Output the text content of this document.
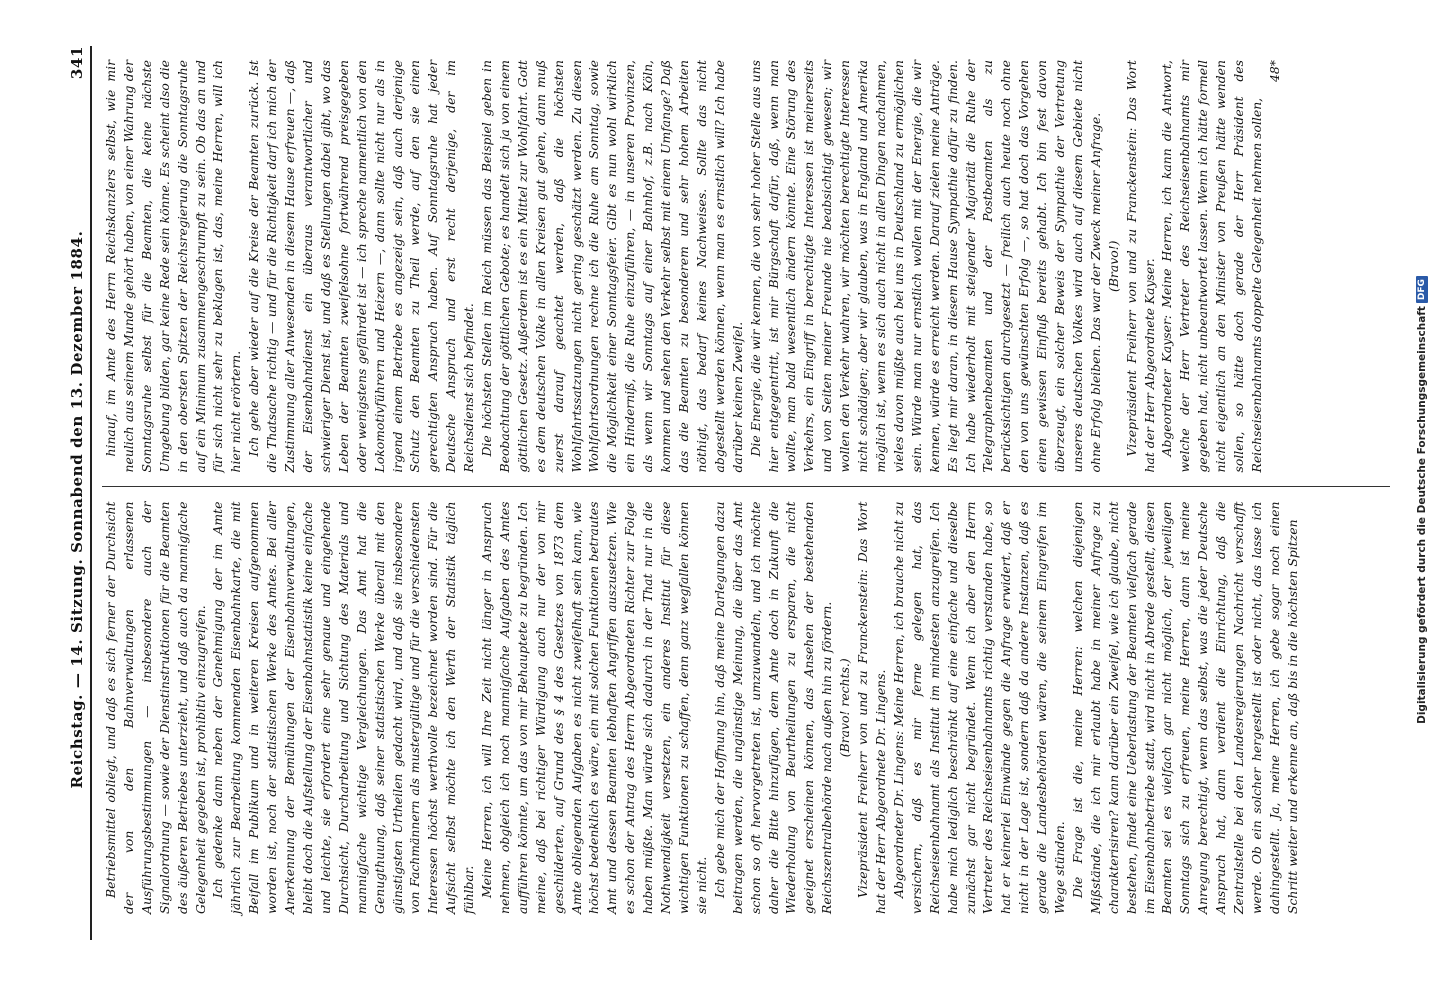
Reichstag. — 14. Sitzung. Sonnabend den 13. Dezember 1884.
341

Betriebsmittel obliegt, und daß es sich ferner der Durchsicht der von den Bahnverwaltungen erlassenen Ausführungsbestimmungen — insbesondere auch der Signalordnung — sowie der Dienstinstruktionen für die Beamten des äußeren Betriebes unterzieht, und daß auch da mannigfache Gelegenheit gegeben ist, prohibitiv einzugreifen. Ich gedenke dann neben der Genehmigung der im Amte jährlich zur Bearbeitung kommenden Eisenbahnkarte, die mit Beifall im Publikum und in weiteren Kreisen aufgenommen worden ist, noch der statistischen Werke des Amtes. Bei aller Anerkennung der Bemühungen der Eisenbahnverwaltungen, bleibt doch die Aufstellung der Eisenbahnstatistik keine einfache und leichte, sie erfordert eine sehr genaue und eingehende Durchsicht, Durcharbeitung und Sichtung des Materials und mannigfache wichtige Vergleichungen. Das Amt hat die Genugthuung, daß seiner statistischen Werke überall mit den günstigsten Urtheilen gedacht wird, und daß sie insbesondere von Fachmännern als mustergültige und für die verschiedensten Interessen höchst werthvolle bezeichnet worden sind. Für die Aufsicht selbst möchte ich den Werth der Statistik täglich fühlbar. Meine Herren, ich will Ihre Zeit nicht länger in Anspruch nehmen, obgleich ich noch mannigfache Aufgaben des Amtes aufführen könnte, um das von mir Behauptete zu begründen. Ich meine, daß bei richtiger Würdigung auch nur der von mir geschilderten, auf Grund des § 4 des Gesetzes von 1873 dem Amte obliegenden Aufgaben es nicht zweifelhaft sein kann, wie höchst bedenklich es wäre, ein mit solchen Funktionen betrautes Amt und dessen Beamten lebhaften Angriffen auszusetzen. Wie es schon der Antrag des Herrn Abgeordneten Richter zur Folge haben müßte. Man würde sich dadurch in der That nur in die Nothwendigkeit versetzen, ein anderes Institut für diese wichtigen Funktionen zu schaffen, denn ganz wegfallen können sie nicht. Ich gebe mich der Hoffnung hin, daß meine Darlegungen dazu beitragen werden, die ungünstige Meinung, die über das Amt schon so oft hervorgetreten ist, umzuwandeln, und ich möchte daher die Bitte hinzufügen, dem Amte doch in Zukunft die Wiederholung von Beurtheilungen zu ersparen, die nicht geeignet erscheinen können, das Ansehen der bestehenden Reichszentralbehörde nach außen hin zu fördern. (Bravo! rechts.) Vizepräsident Freiherr von und zu Franckenstein: Das Wort hat der Herr Abgeordnete Dr. Lingens. Abgeordneter Dr. Lingens: Meine Herren, ich brauche nicht zu versichern, daß es mir ferne gelegen hat, das Reichseisenbahnamt als Institut im mindesten anzugreifen. Ich habe mich lediglich beschränkt auf eine einfache und dieselbe zunächst gar nicht begründet. Wenn ich aber den Herrn Vertreter des Reichseisenbahnamts richtig verstanden habe, so hat er keinerlei Einwände gegen die Anfrage erwidert, daß er nicht in der Lage ist, sondern daß da andere Instanzen, daß es gerade die Landesbehörden wären, die seinem Eingreifen im Wege stünden. Die Frage ist die, meine Herren: welchen diejenigen Mißstände, die ich mir erlaubt habe in meiner Anfrage zu charakterisiren? kann darüber ein Zweifel, wie ich glaube, nicht bestehen, findet eine Ueberlastung der Beamten vielfach gerade im Eisenbahnbetriebe statt, wird nicht in Abrede gestellt, diesen Beamten sei es vielfach gar nicht möglich, der jeweiligen Sonntags sich zu erfreuen, meine Herren, dann ist meine Anregung berechtigt, wenn das selbst, was die jeder Deutsche Anspruch hat, dann verdient die Einrichtung, daß die Zentralstelle bei den Landesregierungen Nachricht verschafft werde. Ob ein solcher hergestellt ist oder nicht, das lasse ich dahingestellt. Ja, meine Herren, ich gebe sogar noch einen Schritt weiter und erkenne an, daß bis in die höchsten Spitzen

hinauf, im Amte des Herrn Reichskanzlers selbst, wie mir neulich aus seinem Munde gehört haben, von einer Wahrung der Sonntagsruhe selbst für die Beamten, die keine nächste Umgebung bilden, gar keine Rede sein könne. Es scheint also die in den obersten Spitzen der Reichsregierung die Sonntagsruhe auf ein Minimum zusammengeschrumpft zu sein. Ob das an und für sich nicht sehr zu beklagen ist, das, meine Herren, will ich hier nicht erörtern. Ich gehe aber wieder auf die Kreise der Beamten zurück. Ist die Thatsache richtig — und für die Richtigkeit darf ich mich der Zustimmung aller Anwesenden in diesem Hause erfreuen —, daß der Eisenbahndienst ein überaus verantwortlicher und schwieriger Dienst ist, und daß es Stellungen dabei gibt, wo das Leben der Beamten zweifelsohne fortwährend preisgegeben oder wenigstens gefährdet ist — ich spreche namentlich von den Lokomotivführern und Heizern —, dann sollte nicht nur als in irgend einem Betriebe es angezeigt sein, daß auch derjenige Schutz den Beamten zu Theil werde, auf den sie einen gerechtigten Anspruch haben. Auf Sonntagsruhe hat jeder Deutsche Anspruch und erst recht derjenige, der im Reichsdienst sich befindet. Die höchsten Stellen im Reich müssen das Beispiel geben in Beobachtung der göttlichen Gebote; es handelt sich ja von einem göttlichen Gesetz. Außerdem ist es ein Mittel zur Wohlfahrt. Gott es dem deutschen Volke in allen Kreisen gut gehen, dann muß zuerst darauf geachtet werden, daß die höchsten Wohlfahrtssatzungen nicht gering geschätzt werden. Zu diesen Wohlfahrtsordnungen rechne ich die Ruhe am Sonntag, sowie die Möglichkeit einer Sonntagsfeier. Gibt es nun wohl wirklich ein Hinderniß, die Ruhe einzuführen, — in unseren Provinzen, als wenn wir Sonntags auf einer Bahnhof, z.B. nach Köln, kommen und sehen den Verkehr selbst mit einem Umfange? Daß das die Beamten zu besonderem und sehr hohem Arbeiten nöthigt, das bedarf keines Nachweises. Sollte das nicht abgestellt werden können, wenn man es ernstlich will? Ich habe darüber keinen Zweifel. Die Energie, die wir kennen, die von sehr hoher Stelle aus uns hier entgegentritt, ist mir Bürgschaft dafür, daß, wenn man wollte, man bald wesentlich ändern könnte. Eine Störung des Verkehrs, ein Eingriff in berechtigte Interessen ist meinerseits und von Seiten meiner Freunde nie beabsichtigt gewesen; wir wollen den Verkehr wahren, wir möchten berechtigte Interessen nicht schädigen; aber wir glauben, was in England und Amerika möglich ist, wenn es sich auch nicht in allen Dingen nachahmen, vieles davon müßte auch bei uns in Deutschland zu ermöglichen sein. Würde man nur ernstlich wollen mit der Energie, die wir kennen, würde es erreicht werden. Darauf zielen meine Anträge. Es liegt mir daran, in diesem Hause Sympathie dafür zu finden. Ich habe wiederholt mit steigender Majorität die Ruhe der Telegraphenbeamten und der Postbeamten als zu berücksichtigen durchgesetzt — freilich auch heute noch ohne den von uns gewünschten Erfolg —, so hat doch das Vorgehen einen gewissen Einfluß bereits gehabt. Ich bin fest davon überzeugt, ein solcher Beweis der Sympathie der Vertretung unseres deutschen Volkes wird auch auf diesem Gebiete nicht ohne Erfolg bleiben. Das war der Zweck meiner Anfrage. (Bravo!) Vizepräsident Freiherr von und zu Franckenstein: Das Wort hat der Herr Abgeordnete Kayser. Abgeordneter Kayser: Meine Herren, ich kann die Antwort, welche der Herr Vertreter des Reichseisenbahnamts mir gegeben hat, nicht unbeantwortet lassen. Wenn ich hätte formell nicht eigentlich an den Minister von Preußen hätte wenden sollen, so hätte doch gerade der Herr Präsident des Reichseisenbahnamts doppelte Gelegenheit nehmen sollen,

48*

Digitalisierung gefördert durch die Deutsche Forschungsgemeinschaft
DFG
